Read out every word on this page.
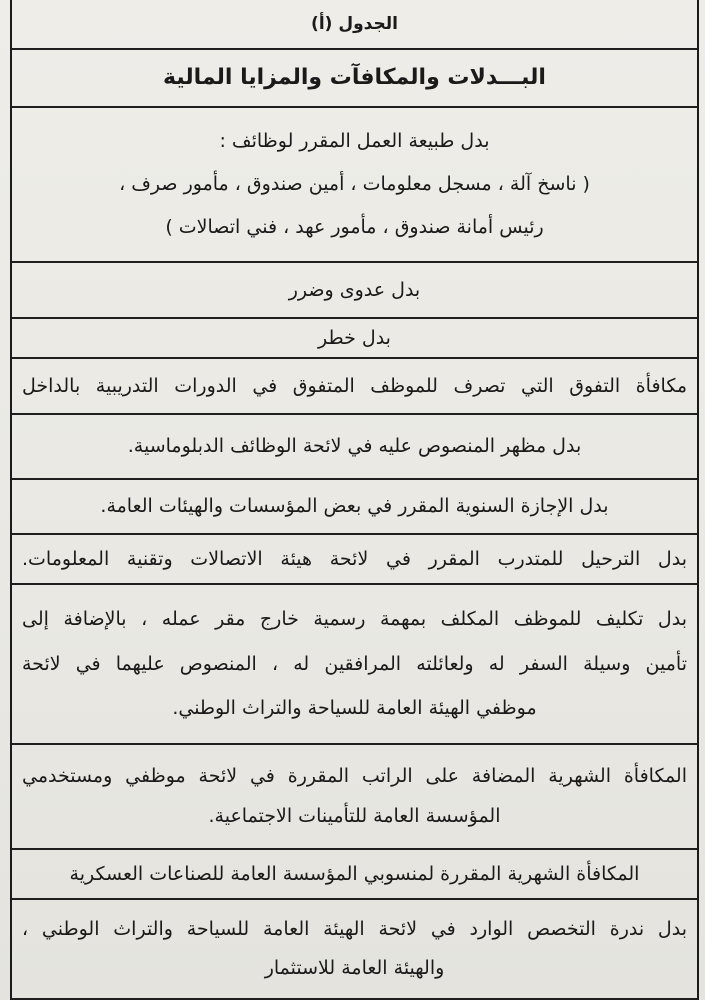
الجدول (أ)
البـــدلات والمكافآت والمزايا المالية
بدل طبيعة العمل المقرر لوظائف :
( ناسخ آلة ، مسجل معلومات ، أمين صندوق ، مأمور صرف ،
رئيس أمانة صندوق ، مأمور عهد ، فني اتصالات )
بدل عدوى وضرر
بدل خطر
مكافأة التفوق التي تصرف للموظف المتفوق في الدورات التدريبية بالداخل
بدل مظهر المنصوص عليه في لائحة الوظائف الدبلوماسية.
بدل الإجازة السنوية المقرر في بعض المؤسسات والهيئات العامة.
بدل الترحيل للمتدرب المقرر في لائحة هيئة الاتصالات وتقنية المعلومات.
بدل تكليف للموظف المكلف بمهمة رسمية خارج مقر عمله ، بالإضافة إلى
تأمين وسيلة السفر له ولعائلته المرافقين له ، المنصوص عليهما في لائحة
موظفي الهيئة العامة للسياحة والتراث الوطني.
المكافأة الشهرية المضافة على الراتب المقررة في لائحة موظفي ومستخدمي
المؤسسة العامة للتأمينات الاجتماعية.
المكافأة الشهرية المقررة لمنسوبي المؤسسة العامة للصناعات العسكرية
بدل ندرة التخصص الوارد في لائحة الهيئة العامة للسياحة والتراث الوطني ،
والهيئة العامة للاستثمار
